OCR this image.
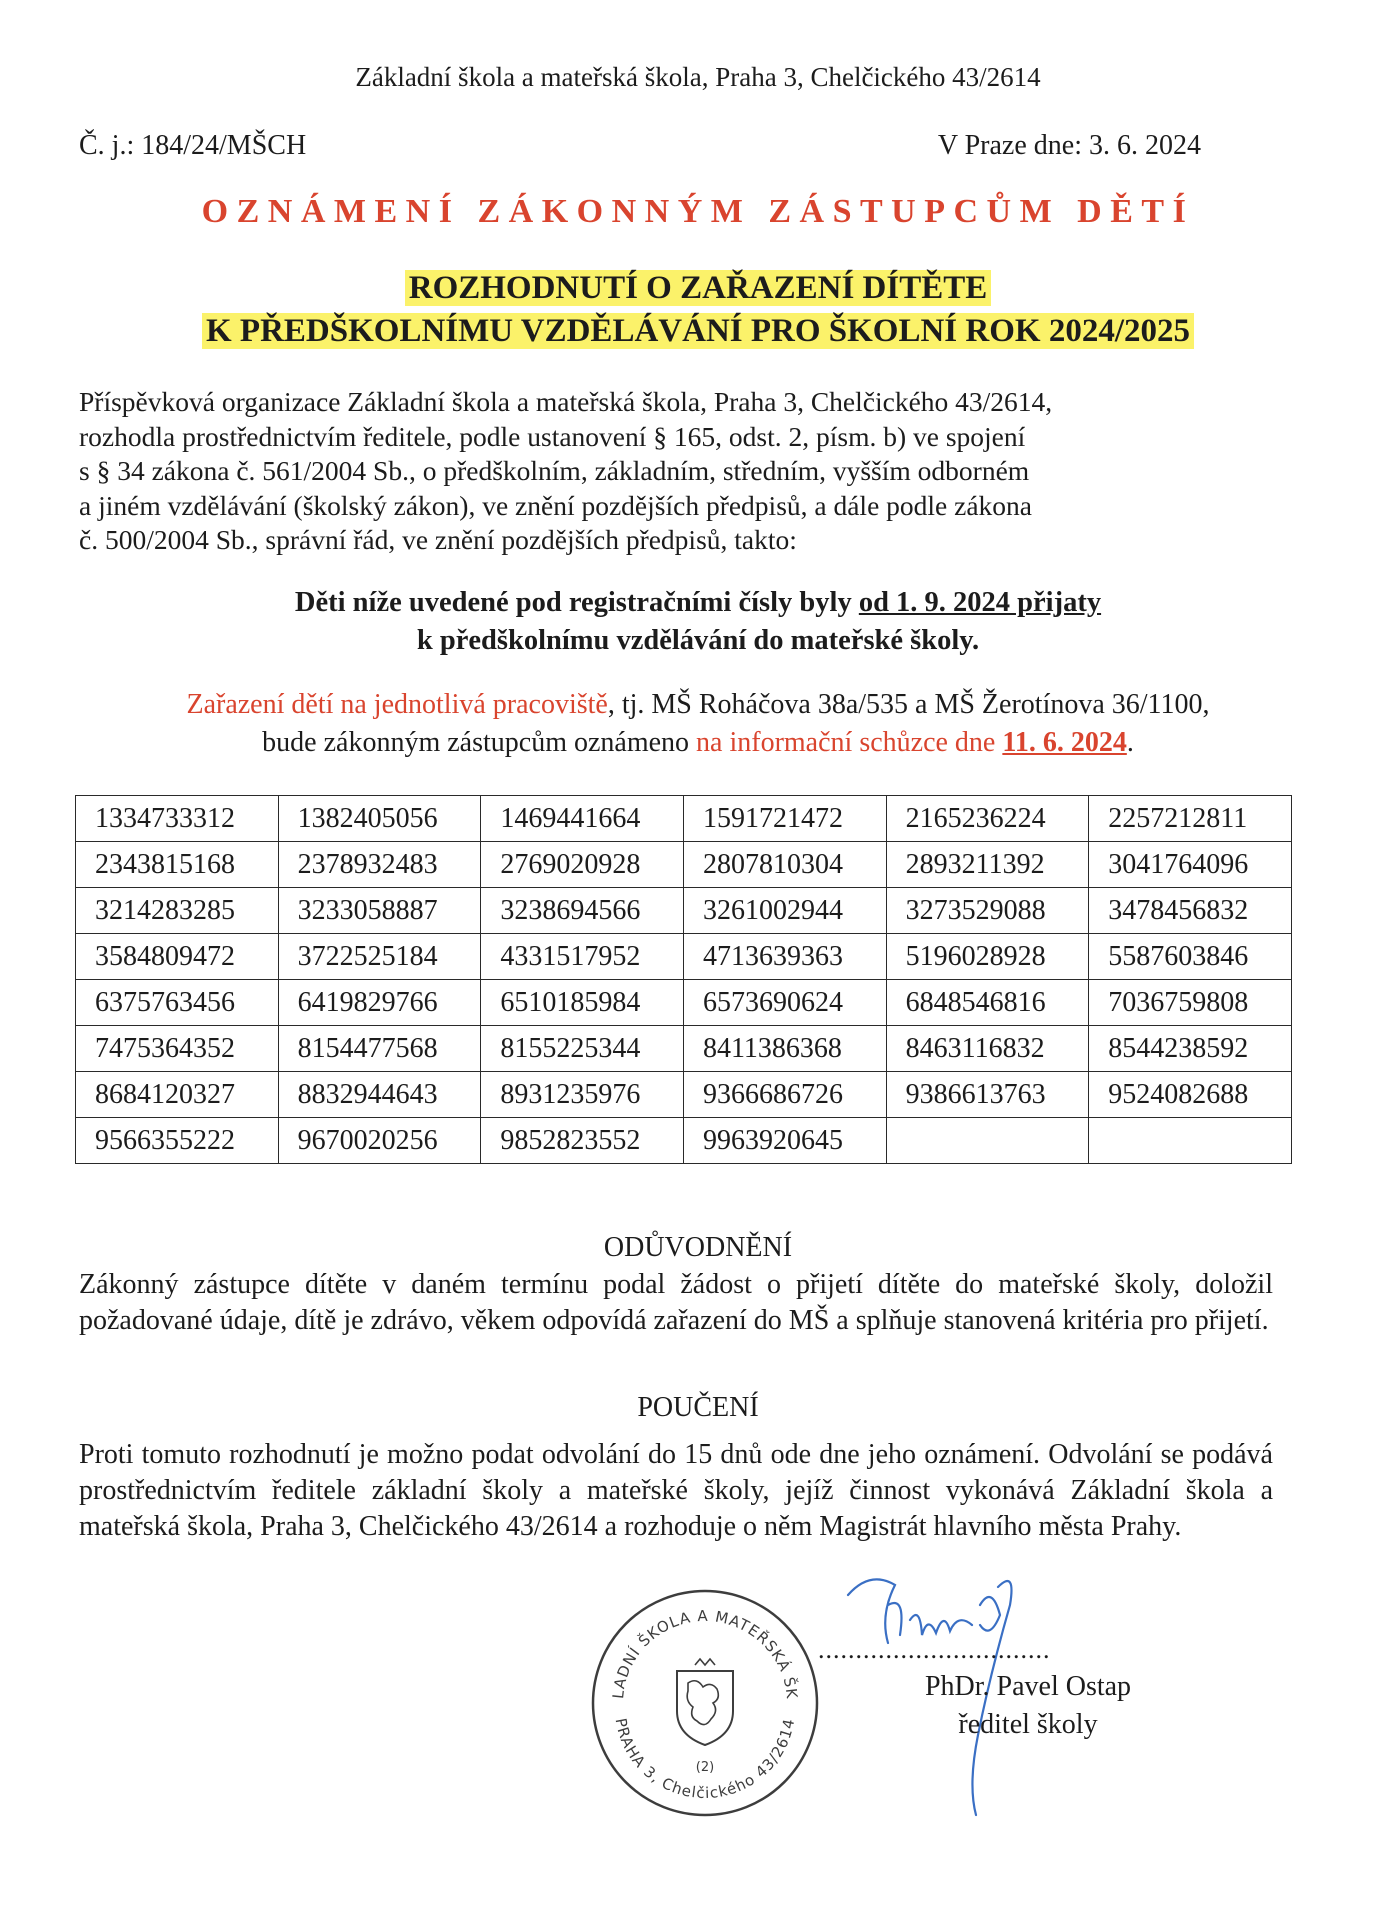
Základní škola a mateřská škola, Praha 3, Chelčického 43/2614
Č. j.: 184/24/MŠCH	V Praze dne: 3. 6. 2024
OZNÁMENÍ ZÁKONNÝM ZÁSTUPCŮM DĚTÍ
ROZHODNUTÍ O ZAŘAZENÍ DÍTĚTE
K PŘEDŠKOLNÍMU VZDĚLÁVÁNÍ PRO ŠKOLNÍ ROK 2024/2025
Příspěvková organizace Základní škola a mateřská škola, Praha 3, Chelčického 43/2614,
rozhodla prostřednictvím ředitele, podle ustanovení § 165, odst. 2, písm. b) ve spojení
s § 34 zákona č. 561/2004 Sb., o předškolním, základním, středním, vyšším odborném
a jiném vzdělávání (školský zákon), ve znění pozdějších předpisů, a dále podle zákona
č. 500/2004 Sb., správní řád, ve znění pozdějších předpisů, takto:
Děti níže uvedené pod registračními čísly byly od 1. 9. 2024 přijaty
k předškolnímu vzdělávání do mateřské školy.
Zařazení dětí na jednotlivá pracoviště, tj. MŠ Roháčova 38a/535 a MŠ Žerotínova 36/1100,
bude zákonným zástupcům oznámeno na informační schůzce dne 11. 6. 2024.
1334733312	1382405056	1469441664	1591721472	2165236224	2257212811
2343815168	2378932483	2769020928	2807810304	2893211392	3041764096
3214283285	3233058887	3238694566	3261002944	3273529088	3478456832
3584809472	3722525184	4331517952	4713639363	5196028928	5587603846
6375763456	6419829766	6510185984	6573690624	6848546816	7036759808
7475364352	8154477568	8155225344	8411386368	8463116832	8544238592
8684120327	8832944643	8931235976	9366686726	9386613763	9524082688
9566355222	9670020256	9852823552	9963920645		
ODŮVODNĚNÍ
Zákonný zástupce dítěte v daném termínu podal žádost o přijetí dítěte do mateřské školy, doložil požadované údaje, dítě je zdrávo, věkem odpovídá zařazení do MŠ a splňuje stanovená kritéria pro přijetí.
POUČENÍ
Proti tomuto rozhodnutí je možno podat odvolání do 15 dnů ode dne jeho oznámení. Odvolání se podává prostřednictvím ředitele základní školy a mateřské školy, jejíž činnost vykonává Základní škola a mateřská škola, Praha 3, Chelčického 43/2614 a rozhoduje o něm Magistrát hlavního města Prahy.
LADNÍ ŠKOLA A MATEŘSKÁ ŠK
PRAHA 3, Chelčického 43/2614
(2)
...............................
PhDr. Pavel Ostap
ředitel školy
